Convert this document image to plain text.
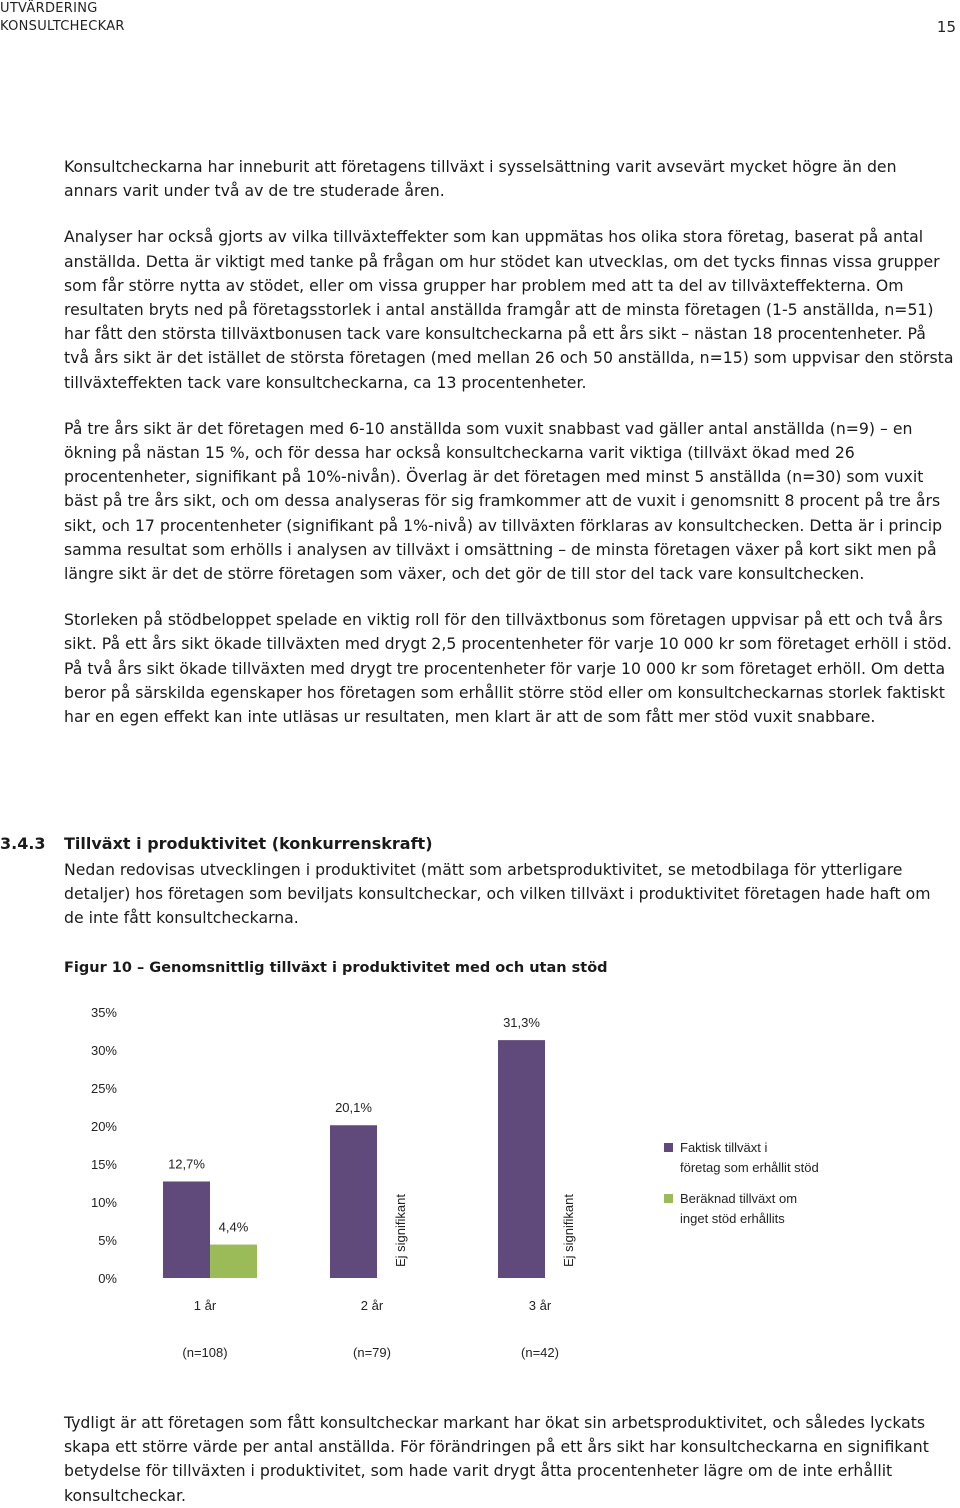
UTVÄRDERING
KONSULTCHECKAR	15

Konsultcheckarna har inneburit att företagens tillväxt i sysselsättning varit avsevärt mycket högre än den annars varit under två av de tre studerade åren.

Analyser har också gjorts av vilka tillväxteffekter som kan uppmätas hos olika stora företag, baserat på antal anställda. Detta är viktigt med tanke på frågan om hur stödet kan utvecklas, om det tycks finnas vissa grupper som får större nytta av stödet, eller om vissa grupper har problem med att ta del av tillväxteffekterna. Om resultaten bryts ned på företagsstorlek i antal anställda framgår att de minsta företagen (1-5 anställda, n=51) har fått den största tillväxtbonusen tack vare konsultcheckarna på ett års sikt – nästan 18 procentenheter. På två års sikt är det istället de största företagen (med mellan 26 och 50 anställda, n=15) som uppvisar den största tillväxteffekten tack vare konsultcheckarna, ca 13 procentenheter.

På tre års sikt är det företagen med 6-10 anställda som vuxit snabbast vad gäller antal anställda (n=9) – en ökning på nästan 15 %, och för dessa har också konsultcheckarna varit viktiga (tillväxt ökad med 26 procentenheter, signifikant på 10%-nivån). Överlag är det företagen med minst 5 anställda (n=30) som vuxit bäst på tre års sikt, och om dessa analyseras för sig framkommer att de vuxit i genomsnitt 8 procent på tre års sikt, och 17 procentenheter (signifikant på 1%-nivå) av tillväxten förklaras av konsultchecken. Detta är i princip samma resultat som erhölls i analysen av tillväxt i omsättning – de minsta företagen växer på kort sikt men på längre sikt är det de större företagen som växer, och det gör de till stor del tack vare konsultchecken.

Storleken på stödbeloppet spelade en viktig roll för den tillväxtbonus som företagen uppvisar på ett och två års sikt. På ett års sikt ökade tillväxten med drygt 2,5 procentenheter för varje 10 000 kr som företaget erhöll i stöd. På två års sikt ökade tillväxten med drygt tre procentenheter för varje 10 000 kr som företaget erhöll. Om detta beror på särskilda egenskaper hos företagen som erhållit större stöd eller om konsultcheckarnas storlek faktiskt har en egen effekt kan inte utläsas ur resultaten, men klart är att de som fått mer stöd vuxit snabbare.

3.4.3 Tillväxt i produktivitet (konkurrenskraft)

Nedan redovisas utvecklingen i produktivitet (mätt som arbetsproduktivitet, se metodbilaga för ytterligare detaljer) hos företagen som beviljats konsultcheckar, och vilken tillväxt i produktivitet företagen hade haft om de inte fått konsultcheckarna.

Figur 10 – Genomsnittlig tillväxt i produktivitet med och utan stöd
0%
5%
10%
15%
20%
25%
30%
35%
12,7%
4,4%
1 år
(n=108)
20,1%
Ej signifikant
2 år
(n=79)
31,3%
Ej signifikant
3 år
(n=42)
Faktisk tillväxt i
företag som erhållit stöd
Beräknad tillväxt om
inget stöd erhållits

Tydligt är att företagen som fått konsultcheckar markant har ökat sin arbetsproduktivitet, och således lyckats skapa ett större värde per antal anställda. För förändringen på ett års sikt har konsultcheckarna en signifikant betydelse för tillväxten i produktivitet, som hade varit drygt åtta procentenheter lägre om de inte erhållit konsultcheckar.
